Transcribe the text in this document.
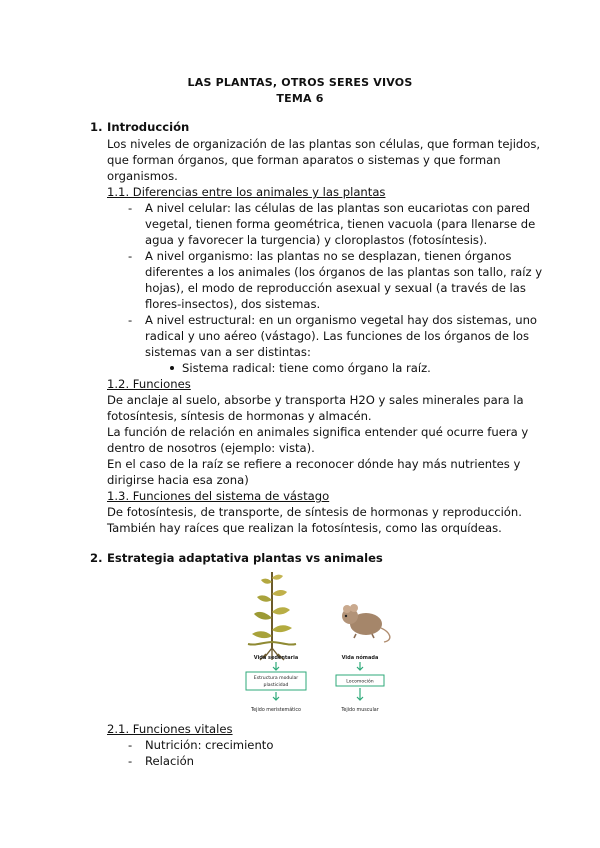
LAS PLANTAS, OTROS SERES VIVOS
TEMA 6
1. Introducción
Los niveles de organización de las plantas son células, que forman tejidos,
que forman órganos, que forman aparatos o sistemas y que forman
organismos.
1.1. Diferencias entre los animales y las plantas
- A nivel celular: las células de las plantas son eucariotas con pared
vegetal, tienen forma geométrica, tienen vacuola (para llenarse de
agua y favorecer la turgencia) y cloroplastos (fotosíntesis).
- A nivel organismo: las plantas no se desplazan, tienen órganos
diferentes a los animales (los órganos de las plantas son tallo, raíz y
hojas), el modo de reproducción asexual y sexual (a través de las
flores-insectos), dos sistemas.
- A nivel estructural: en un organismo vegetal hay dos sistemas, uno
radical y uno aéreo (vástago). Las funciones de los órganos de los
sistemas van a ser distintas:
Sistema radical: tiene como órgano la raíz.
1.2. Funciones
De anclaje al suelo, absorbe y transporta H2O y sales minerales para la
fotosíntesis, síntesis de hormonas y almacén.
La función de relación en animales significa entender qué ocurre fuera y
dentro de nosotros (ejemplo: vista).
En el caso de la raíz se refiere a reconocer dónde hay más nutrientes y
dirigirse hacia esa zona)
1.3. Funciones del sistema de vástago
De fotosíntesis, de transporte, de síntesis de hormonas y reproducción.
También hay raíces que realizan la fotosíntesis, como las orquídeas.
2. Estrategia adaptativa plantas vs animales
Vida sedentaria	Vida nómada
Estructura modular
plasticidad
Locomoción
Tejido meristemático	Tejido muscular
2.1. Funciones vitales
- Nutrición: crecimiento
- Relación
